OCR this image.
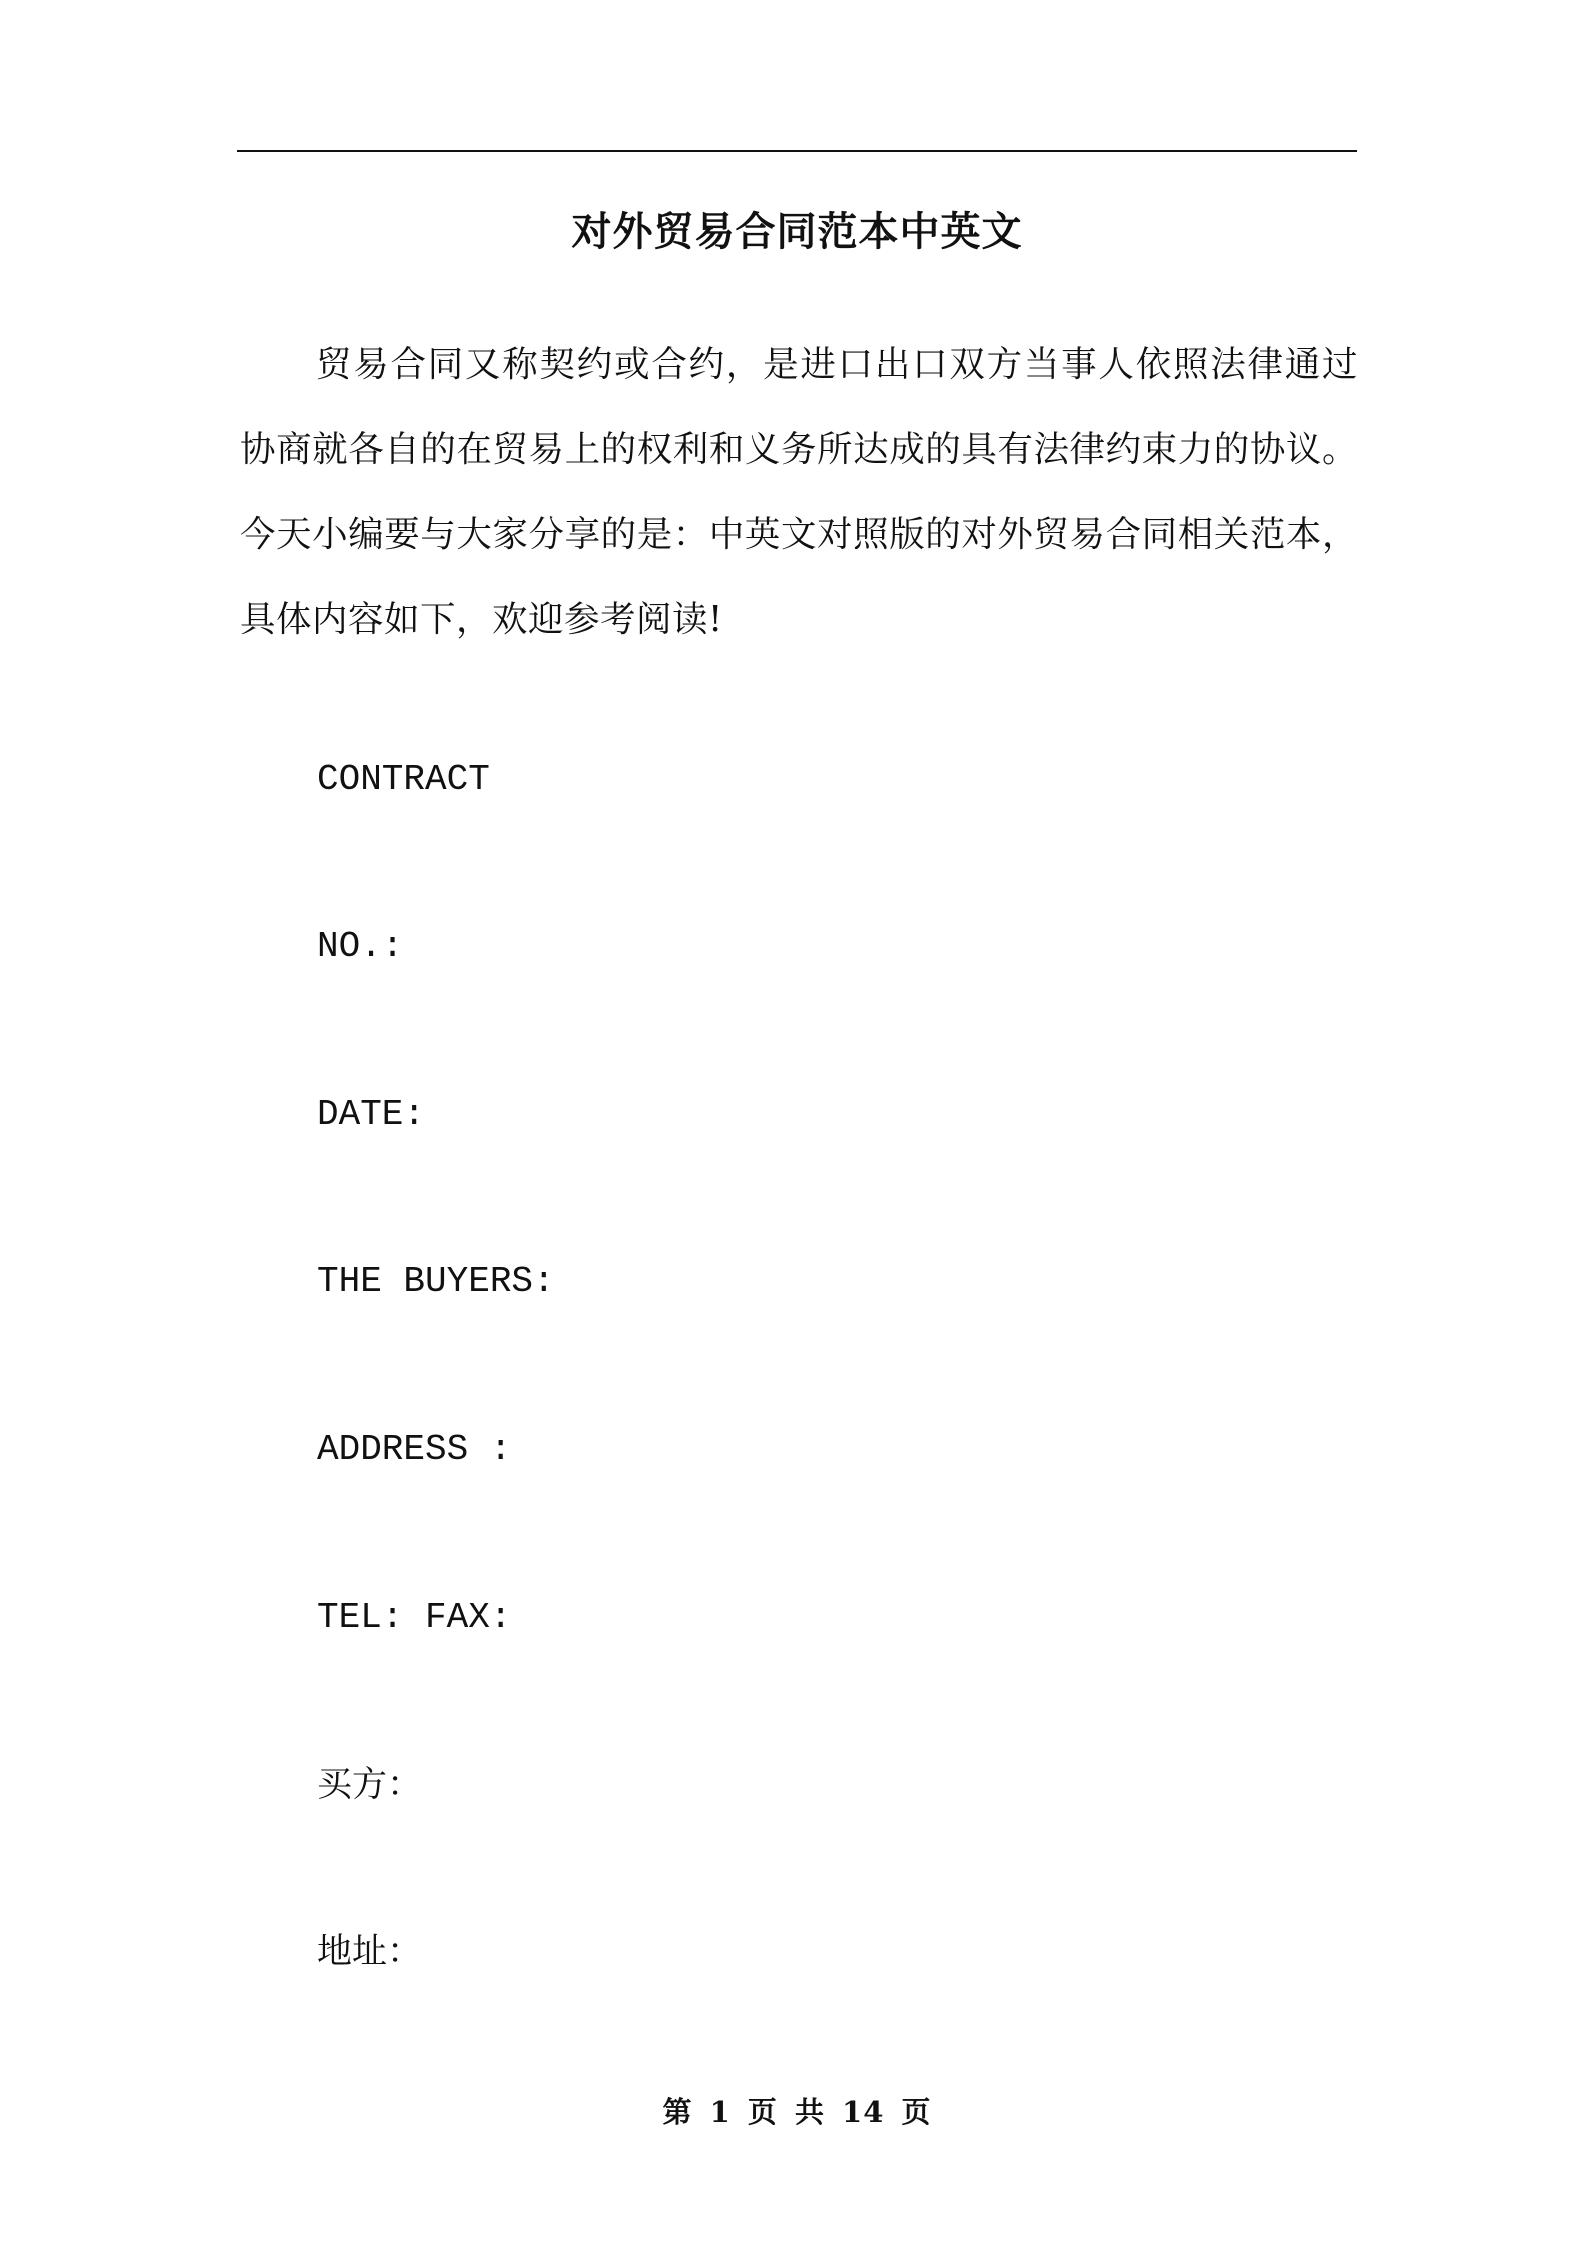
对外贸易合同范本中英文

贸易合同又称契约或合约，是进口出口双方当事人依照法律通过协商就各自的在贸易上的权利和义务所达成的具有法律约束力的协议。今天小编要与大家分享的是：中英文对照版的对外贸易合同相关范本，具体内容如下，欢迎参考阅读!

CONTRACT
NO.:
DATE:
THE BUYERS:
ADDRESS :
TEL: FAX:
买方：
地址：
第 1 页 共 14 页
